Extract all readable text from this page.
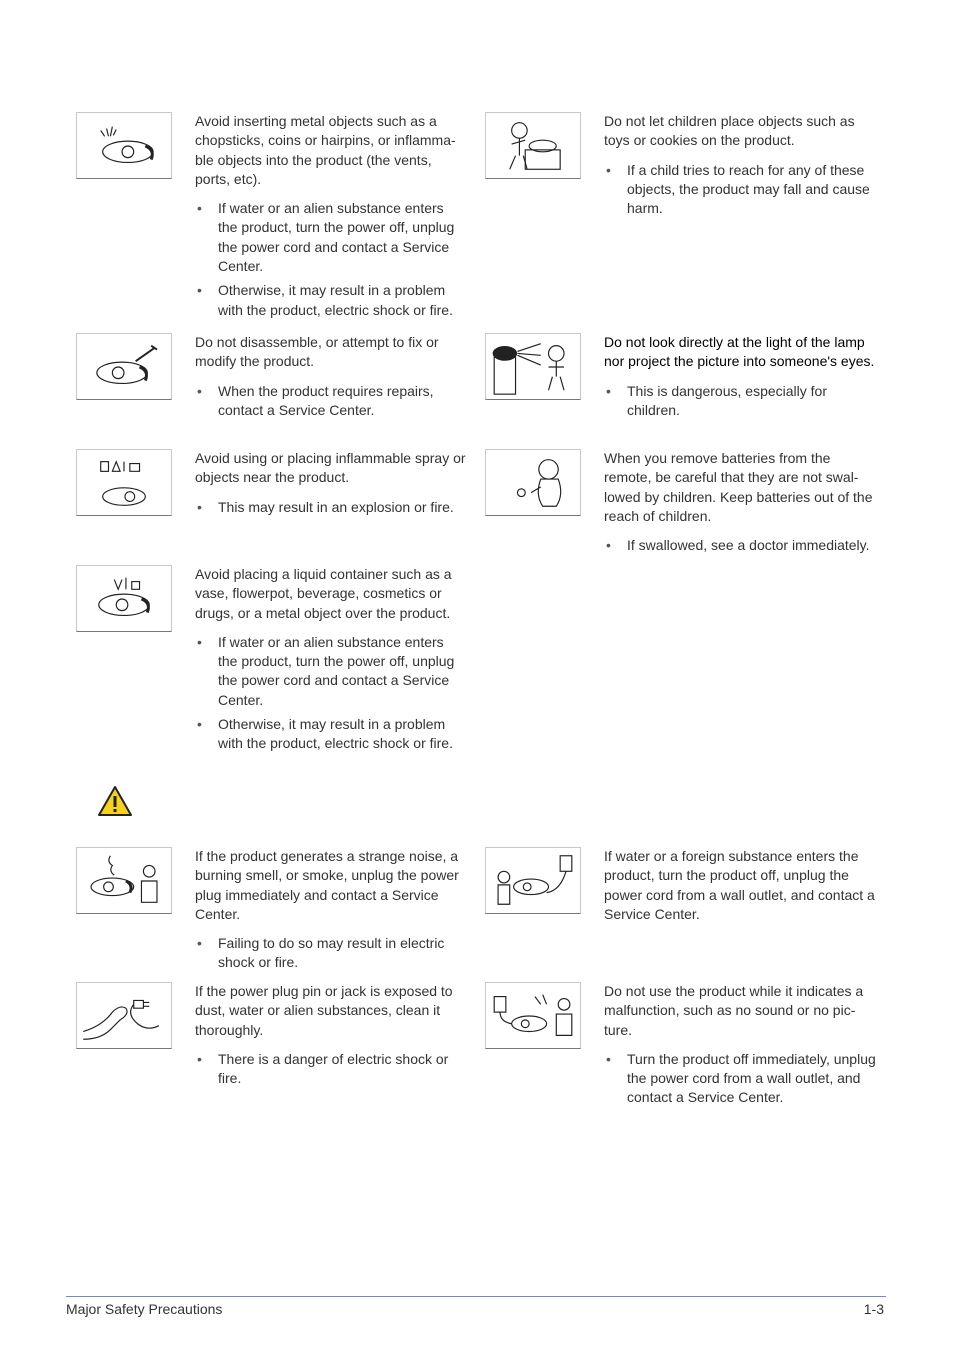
Avoid inserting metal objects such as a chopsticks, coins or hairpins, or inflamma-ble objects into the product (the vents, ports, etc).

• If water or an alien substance enters the product, turn the power off, unplug the power cord and contact a Service Center.
• Otherwise, it may result in a problem with the product, electric shock or fire.

Do not let children place objects such as toys or cookies on the product.

• If a child tries to reach for any of these objects, the product may fall and cause harm.

Do not disassemble, or attempt to fix or modify the product.

• When the product requires repairs, contact a Service Center.

Do not look directly at the light of the lamp nor project the picture into someone's eyes.

• This is dangerous, especially for children.

Avoid using or placing inflammable spray or objects near the product.

• This may result in an explosion or fire.

When you remove batteries from the remote, be careful that they are not swal-lowed by children. Keep batteries out of the reach of children.

• If swallowed, see a doctor immediately.

Avoid placing a liquid container such as a vase, flowerpot, beverage, cosmetics or drugs, or a metal object over the product.

• If water or an alien substance enters the product, turn the power off, unplug the power cord and contact a Service Center.
• Otherwise, it may result in a problem with the product, electric shock or fire.

If the product generates a strange noise, a burning smell, or smoke, unplug the power plug immediately and contact a Service Center.

• Failing to do so may result in electric shock or fire.

If water or a foreign substance enters the product, turn the product off, unplug the power cord from a wall outlet, and contact a Service Center.

If the power plug pin or jack is exposed to dust, water or alien substances, clean it thoroughly.

• There is a danger of electric shock or fire.

Do not use the product while it indicates a malfunction, such as no sound or no pic-ture.

• Turn the product off immediately, unplug the power cord from a wall outlet, and contact a Service Center.
Major Safety Precautions	1-3
